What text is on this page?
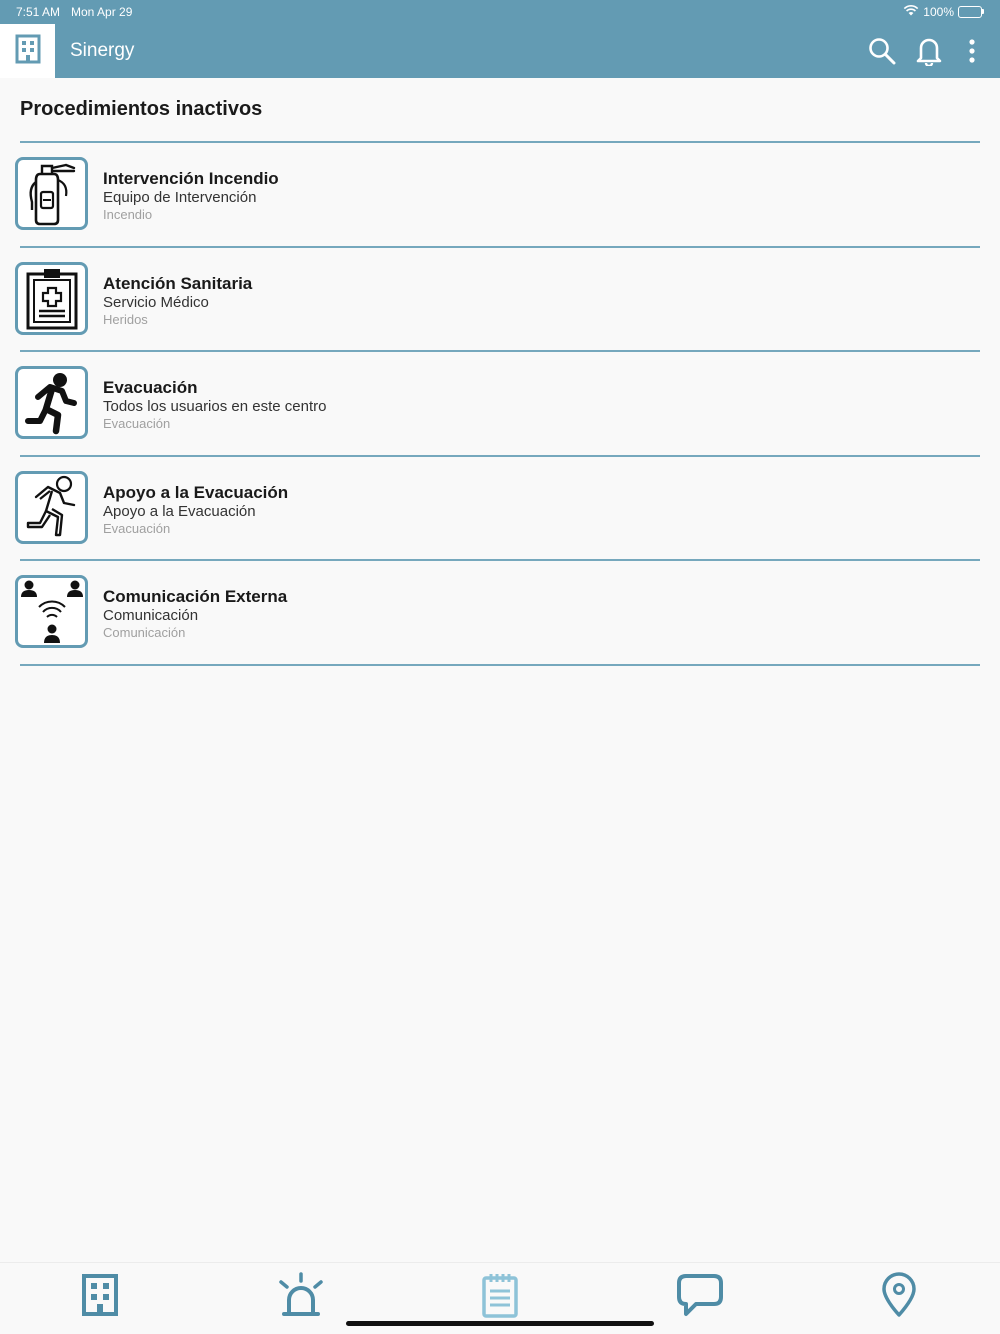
7:51 AM Mon Apr 29	100%
Sinergy
Procedimientos inactivos
Intervención Incendio
Equipo de Intervención
Incendio
Atención Sanitaria
Servicio Médico
Heridos
Evacuación
Todos los usuarios en este centro
Evacuación
Apoyo a la Evacuación
Apoyo a la Evacuación
Evacuación
Comunicación Externa
Comunicación
Comunicación
